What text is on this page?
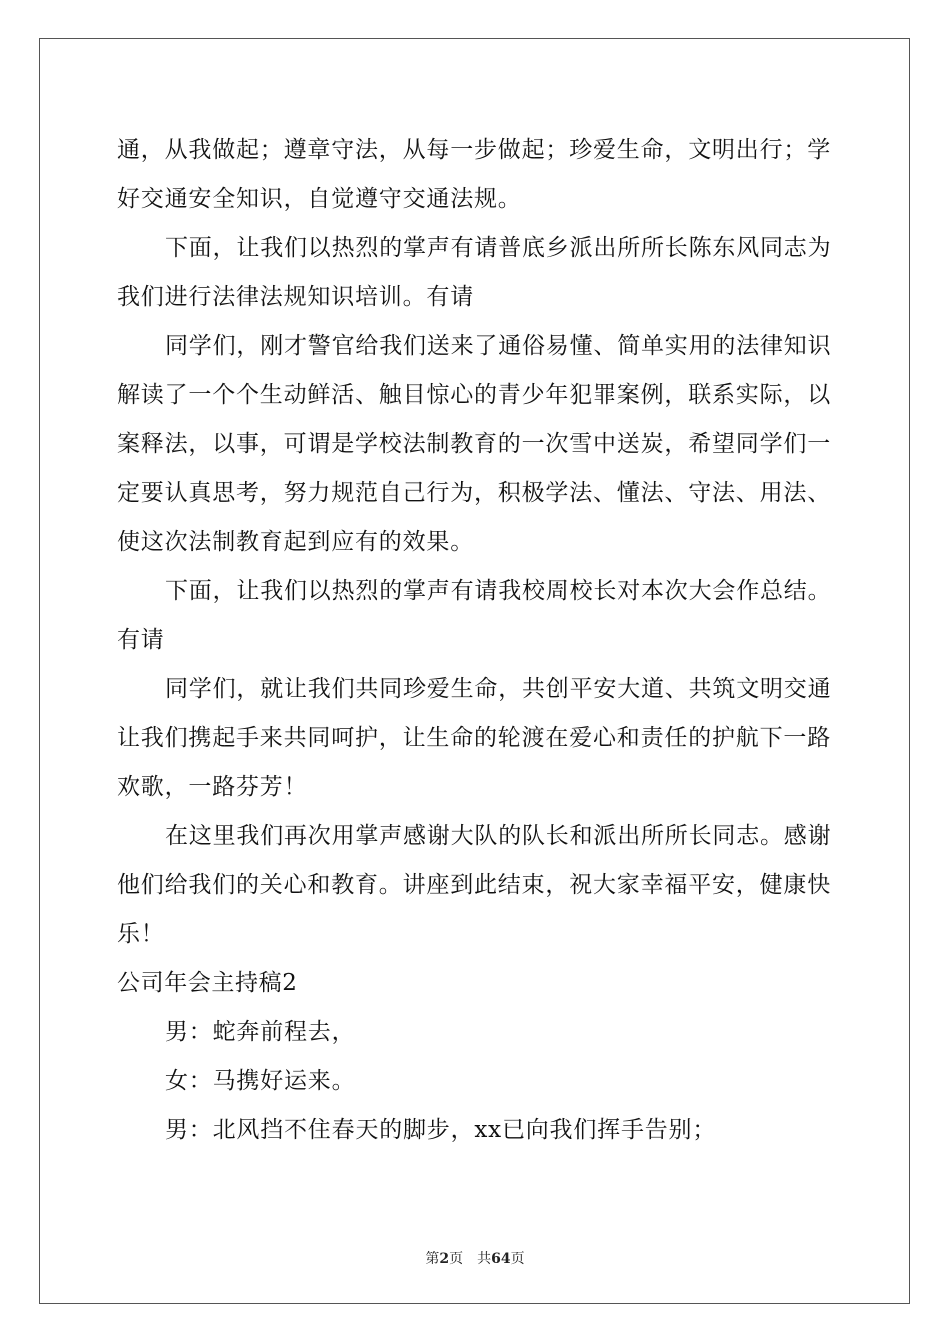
通，从我做起；遵章守法，从每一步做起；珍爱生命，文明出行；学
好交通安全知识，自觉遵守交通法规。
下面，让我们以热烈的掌声有请普底乡派出所所长陈东风同志为
我们进行法律法规知识培训。有请
同学们，刚才警官给我们送来了通俗易懂、简单实用的法律知识
解读了一个个生动鲜活、触目惊心的青少年犯罪案例，联系实际，以
案释法，以事，可谓是学校法制教育的一次雪中送炭，希望同学们一
定要认真思考，努力规范自己行为，积极学法、懂法、守法、用法、
使这次法制教育起到应有的效果。
下面，让我们以热烈的掌声有请我校周校长对本次大会作总结。
有请
同学们，就让我们共同珍爱生命，共创平安大道、共筑文明交通
让我们携起手来共同呵护，让生命的轮渡在爱心和责任的护航下一路
欢歌，一路芬芳！
在这里我们再次用掌声感谢大队的队长和派出所所长同志。感谢
他们给我们的关心和教育。讲座到此结束，祝大家幸福平安，健康快
乐！
公司年会主持稿2
男：蛇奔前程去，
女：马携好运来。
男：北风挡不住春天的脚步，xx已向我们挥手告别；
第2页 共64页
